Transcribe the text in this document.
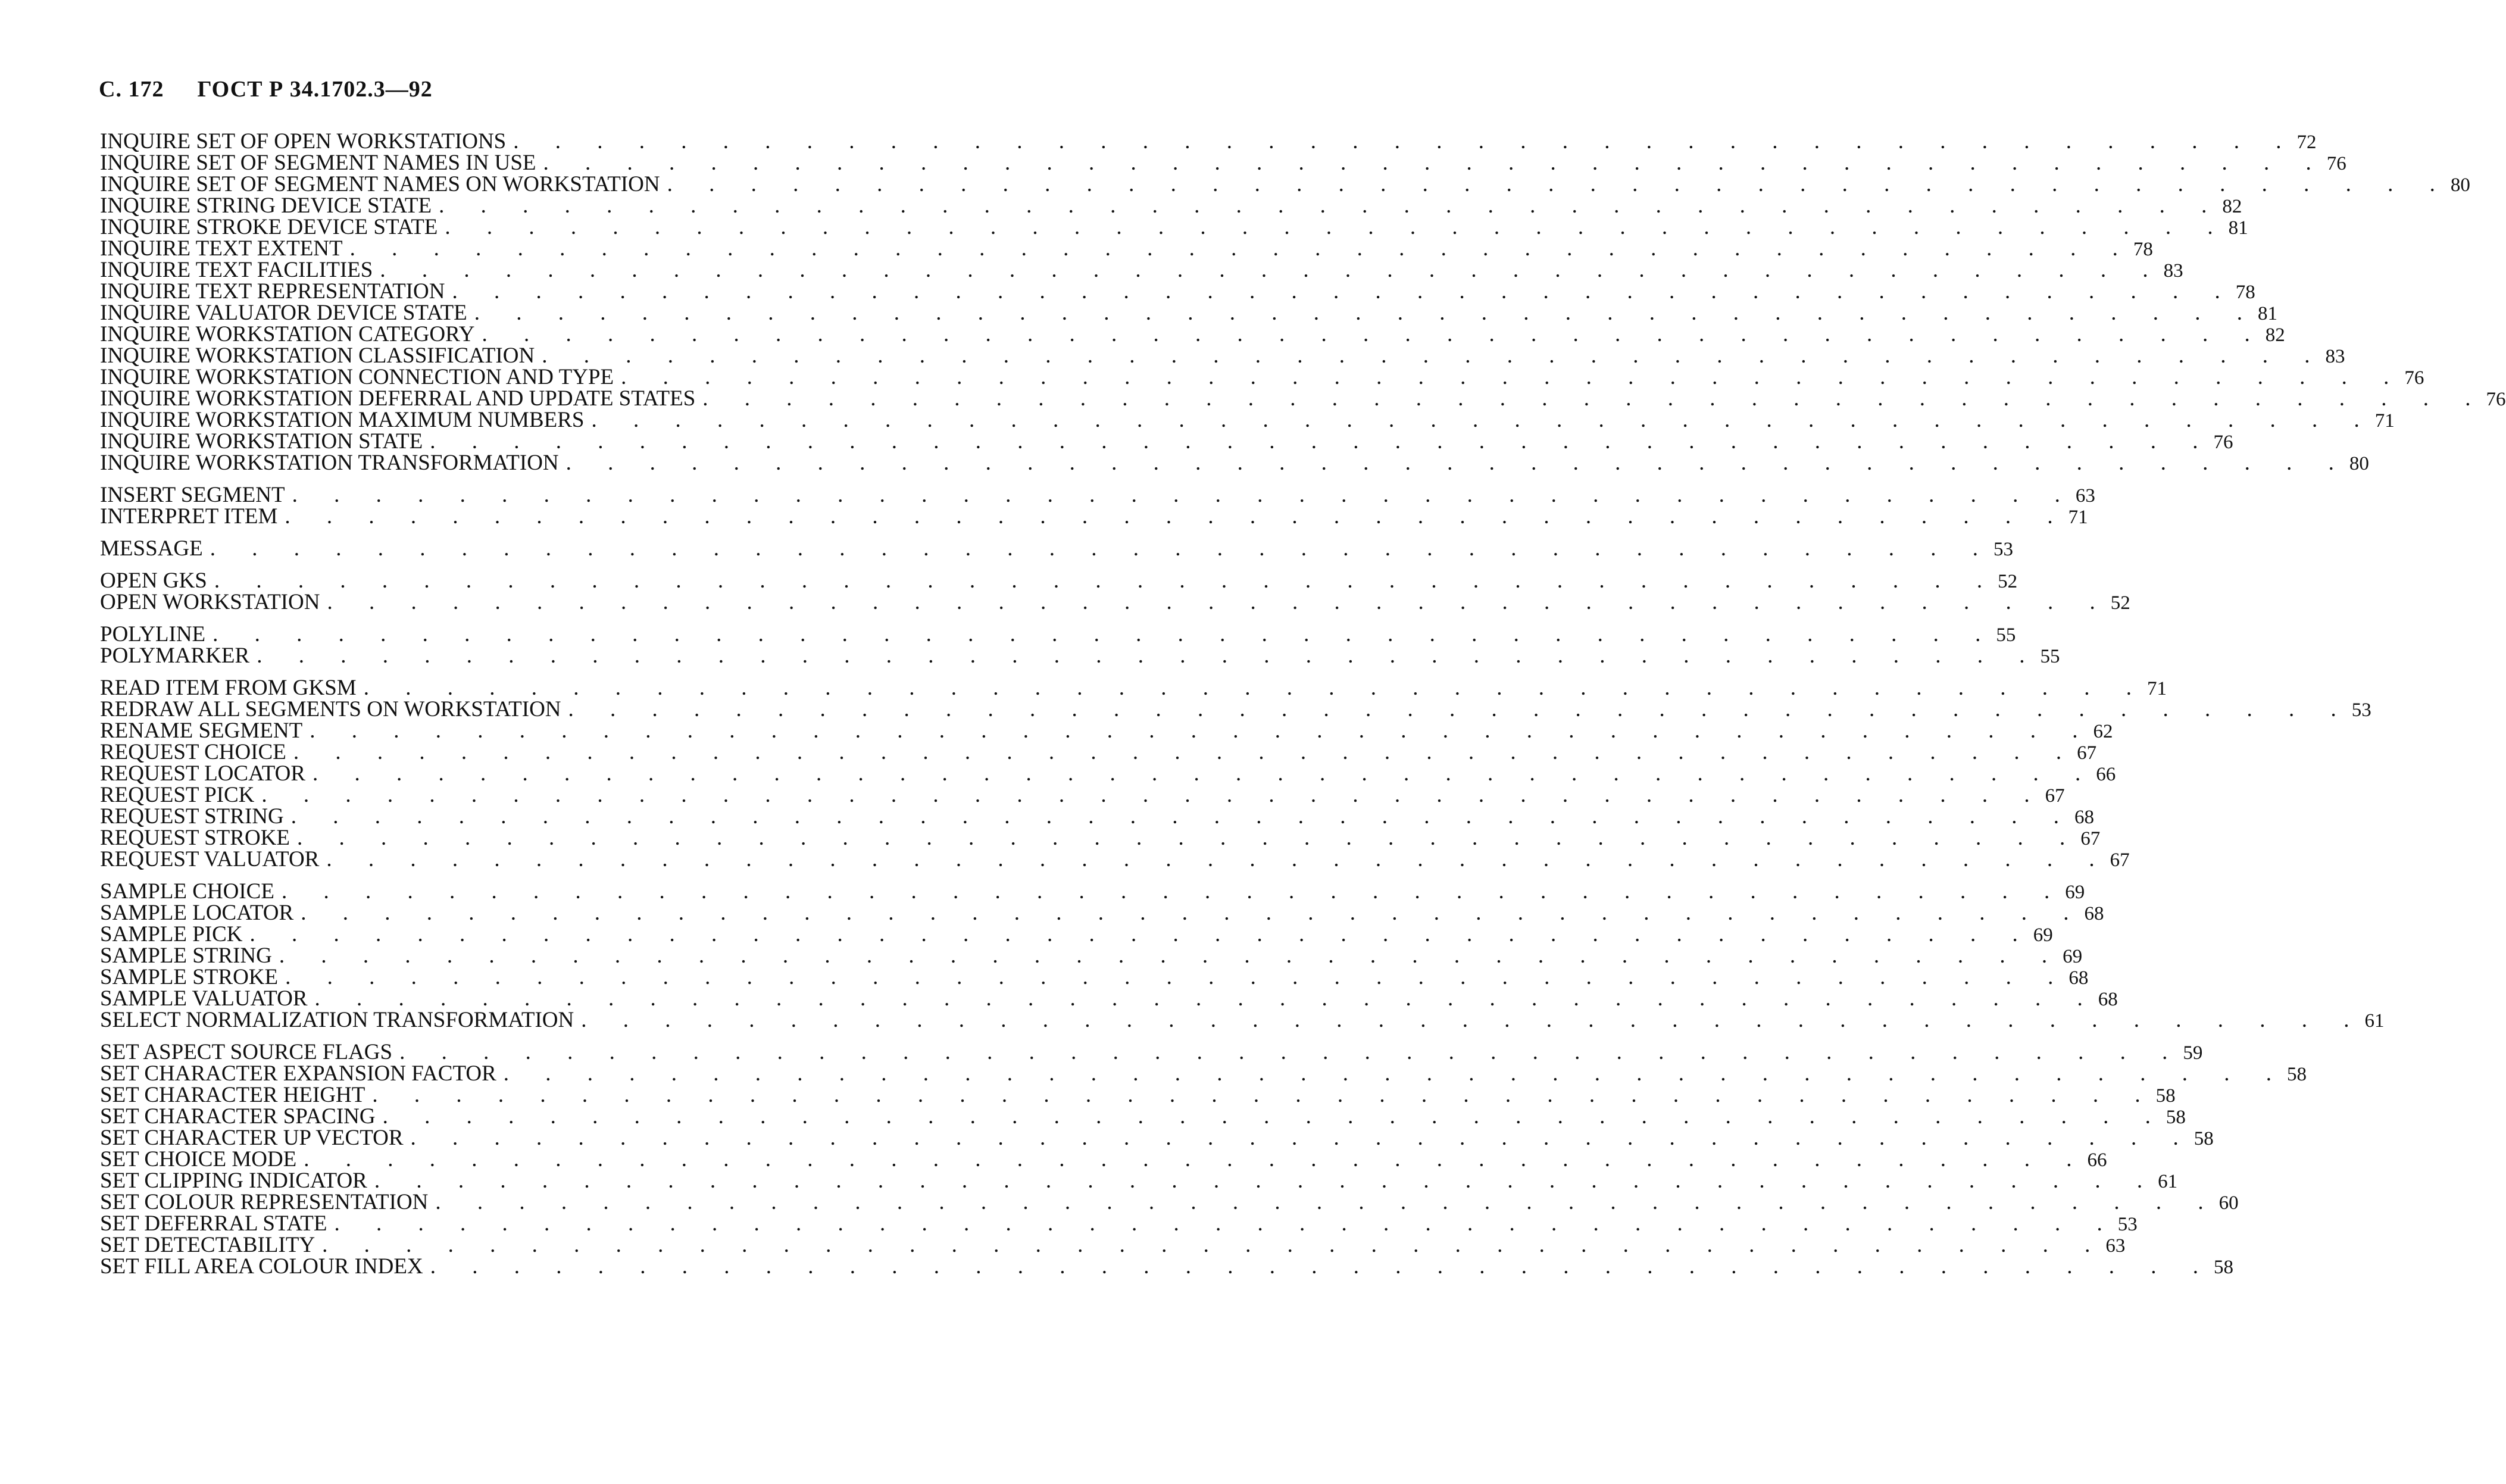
С. 172 ГОСТ Р 34.1702.3—92
INQUIRE SET OF OPEN WORKSTATIONS . . . . . . . . . . . . . . . . . . . . . . . . . . . . . . . . . . . . . . . . . . . 72
INQUIRE SET OF SEGMENT NAMES IN USE . . . . . . . . . . . . . . . . . . . . . . . . . . . . . . . . . . . . . . . . . . . 76
INQUIRE SET OF SEGMENT NAMES ON WORKSTATION . . . . . . . . . . . . . . . . . . . . . . . . . . . . . . . . . . . . . . . . . . . 80
INQUIRE STRING DEVICE STATE . . . . . . . . . . . . . . . . . . . . . . . . . . . . . . . . . . . . . . . . . . . 82
INQUIRE STROKE DEVICE STATE . . . . . . . . . . . . . . . . . . . . . . . . . . . . . . . . . . . . . . . . . . . 81
INQUIRE TEXT EXTENT . . . . . . . . . . . . . . . . . . . . . . . . . . . . . . . . . . . . . . . . . . . 78
INQUIRE TEXT FACILITIES . . . . . . . . . . . . . . . . . . . . . . . . . . . . . . . . . . . . . . . . . . . 83
INQUIRE TEXT REPRESENTATION . . . . . . . . . . . . . . . . . . . . . . . . . . . . . . . . . . . . . . . . . . . 78
INQUIRE VALUATOR DEVICE STATE . . . . . . . . . . . . . . . . . . . . . . . . . . . . . . . . . . . . . . . . . . . 81
INQUIRE WORKSTATION CATEGORY . . . . . . . . . . . . . . . . . . . . . . . . . . . . . . . . . . . . . . . . . . . 82
INQUIRE WORKSTATION CLASSIFICATION . . . . . . . . . . . . . . . . . . . . . . . . . . . . . . . . . . . . . . . . . . . 83
INQUIRE WORKSTATION CONNECTION AND TYPE . . . . . . . . . . . . . . . . . . . . . . . . . . . . . . . . . . . . . . . . . . . 76
INQUIRE WORKSTATION DEFERRAL AND UPDATE STATES . . . . . . . . . . . . . . . . . . . . . . . . . . . . . . . . . . . . . . . . . . . 76
INQUIRE WORKSTATION MAXIMUM NUMBERS . . . . . . . . . . . . . . . . . . . . . . . . . . . . . . . . . . . . . . . . . . . 71
INQUIRE WORKSTATION STATE . . . . . . . . . . . . . . . . . . . . . . . . . . . . . . . . . . . . . . . . . . . 76
INQUIRE WORKSTATION TRANSFORMATION . . . . . . . . . . . . . . . . . . . . . . . . . . . . . . . . . . . . . . . . . . . 80
INSERT SEGMENT . . . . . . . . . . . . . . . . . . . . . . . . . . . . . . . . . . . . . . . . . . . 63
INTERPRET ITEM . . . . . . . . . . . . . . . . . . . . . . . . . . . . . . . . . . . . . . . . . . . 71
MESSAGE . . . . . . . . . . . . . . . . . . . . . . . . . . . . . . . . . . . . . . . . . . . 53
OPEN GKS . . . . . . . . . . . . . . . . . . . . . . . . . . . . . . . . . . . . . . . . . . . 52
OPEN WORKSTATION . . . . . . . . . . . . . . . . . . . . . . . . . . . . . . . . . . . . . . . . . . . 52
POLYLINE . . . . . . . . . . . . . . . . . . . . . . . . . . . . . . . . . . . . . . . . . . . 55
POLYMARKER . . . . . . . . . . . . . . . . . . . . . . . . . . . . . . . . . . . . . . . . . . . 55
READ ITEM FROM GKSM . . . . . . . . . . . . . . . . . . . . . . . . . . . . . . . . . . . . . . . . . . . 71
REDRAW ALL SEGMENTS ON WORKSTATION . . . . . . . . . . . . . . . . . . . . . . . . . . . . . . . . . . . . . . . . . . . 53
RENAME SEGMENT . . . . . . . . . . . . . . . . . . . . . . . . . . . . . . . . . . . . . . . . . . . 62
REQUEST CHOICE . . . . . . . . . . . . . . . . . . . . . . . . . . . . . . . . . . . . . . . . . . . 67
REQUEST LOCATOR . . . . . . . . . . . . . . . . . . . . . . . . . . . . . . . . . . . . . . . . . . . 66
REQUEST PICK . . . . . . . . . . . . . . . . . . . . . . . . . . . . . . . . . . . . . . . . . . . 67
REQUEST STRING . . . . . . . . . . . . . . . . . . . . . . . . . . . . . . . . . . . . . . . . . . . 68
REQUEST STROKE . . . . . . . . . . . . . . . . . . . . . . . . . . . . . . . . . . . . . . . . . . . 67
REQUEST VALUATOR . . . . . . . . . . . . . . . . . . . . . . . . . . . . . . . . . . . . . . . . . . . 67
SAMPLE CHOICE . . . . . . . . . . . . . . . . . . . . . . . . . . . . . . . . . . . . . . . . . . . 69
SAMPLE LOCATOR . . . . . . . . . . . . . . . . . . . . . . . . . . . . . . . . . . . . . . . . . . . 68
SAMPLE PICK . . . . . . . . . . . . . . . . . . . . . . . . . . . . . . . . . . . . . . . . . . . 69
SAMPLE STRING . . . . . . . . . . . . . . . . . . . . . . . . . . . . . . . . . . . . . . . . . . . 69
SAMPLE STROKE . . . . . . . . . . . . . . . . . . . . . . . . . . . . . . . . . . . . . . . . . . . 68
SAMPLE VALUATOR . . . . . . . . . . . . . . . . . . . . . . . . . . . . . . . . . . . . . . . . . . . 68
SELECT NORMALIZATION TRANSFORMATION . . . . . . . . . . . . . . . . . . . . . . . . . . . . . . . . . . . . . . . . . . . 61
SET ASPECT SOURCE FLAGS . . . . . . . . . . . . . . . . . . . . . . . . . . . . . . . . . . . . . . . . . . . 59
SET CHARACTER EXPANSION FACTOR . . . . . . . . . . . . . . . . . . . . . . . . . . . . . . . . . . . . . . . . . . . 58
SET CHARACTER HEIGHT . . . . . . . . . . . . . . . . . . . . . . . . . . . . . . . . . . . . . . . . . . . 58
SET CHARACTER SPACING . . . . . . . . . . . . . . . . . . . . . . . . . . . . . . . . . . . . . . . . . . . 58
SET CHARACTER UP VECTOR . . . . . . . . . . . . . . . . . . . . . . . . . . . . . . . . . . . . . . . . . . . 58
SET CHOICE MODE . . . . . . . . . . . . . . . . . . . . . . . . . . . . . . . . . . . . . . . . . . . 66
SET CLIPPING INDICATOR . . . . . . . . . . . . . . . . . . . . . . . . . . . . . . . . . . . . . . . . . . . 61
SET COLOUR REPRESENTATION . . . . . . . . . . . . . . . . . . . . . . . . . . . . . . . . . . . . . . . . . . . 60
SET DEFERRAL STATE . . . . . . . . . . . . . . . . . . . . . . . . . . . . . . . . . . . . . . . . . . . 53
SET DETECTABILITY . . . . . . . . . . . . . . . . . . . . . . . . . . . . . . . . . . . . . . . . . . . 63
SET FILL AREA COLOUR INDEX . . . . . . . . . . . . . . . . . . . . . . . . . . . . . . . . . . . . . . . . . . . 58
